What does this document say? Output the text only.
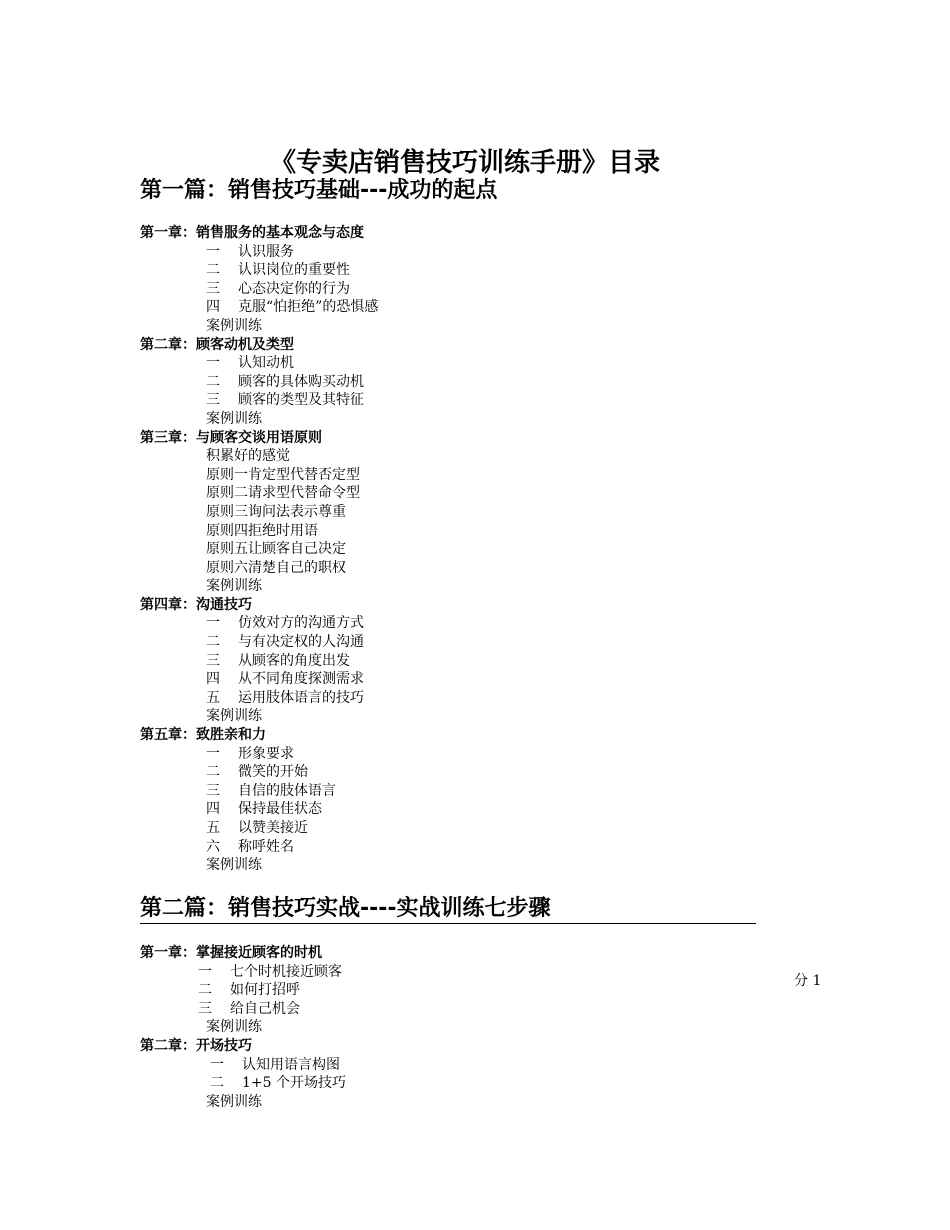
《专卖店销售技巧训练手册》目录
第一篇：销售技巧基础---成功的起点

第一章：销售服务的基本观念与态度

一 认识服务

二 认识岗位的重要性

三 心态决定你的行为

四 克服“怕拒绝”的恐惧感

案例训练

第二章：顾客动机及类型

一 认知动机

二 顾客的具体购买动机

三 顾客的类型及其特征

案例训练

第三章：与顾客交谈用语原则

积累好的感觉

原则一肯定型代替否定型

原则二请求型代替命令型

原则三询问法表示尊重

原则四拒绝时用语

原则五让顾客自己决定

原则六清楚自己的职权

案例训练

第四章：沟通技巧

一 仿效对方的沟通方式

二 与有决定权的人沟通

三 从顾客的角度出发

四 从不同角度探测需求

五 运用肢体语言的技巧

案例训练

第五章：致胜亲和力

一 形象要求

二 微笑的开始

三 自信的肢体语言

四 保持最佳状态

五 以赞美接近

六 称呼姓名

案例训练

第二篇：销售技巧实战----实战训练七步骤

第一章：掌握接近顾客的时机

一 七个时机接近顾客

二 如何打招呼

三 给自己机会

案例训练

第二章：开场技巧

一 认知用语言构图

二 1+5 个开场技巧

案例训练

分 1
